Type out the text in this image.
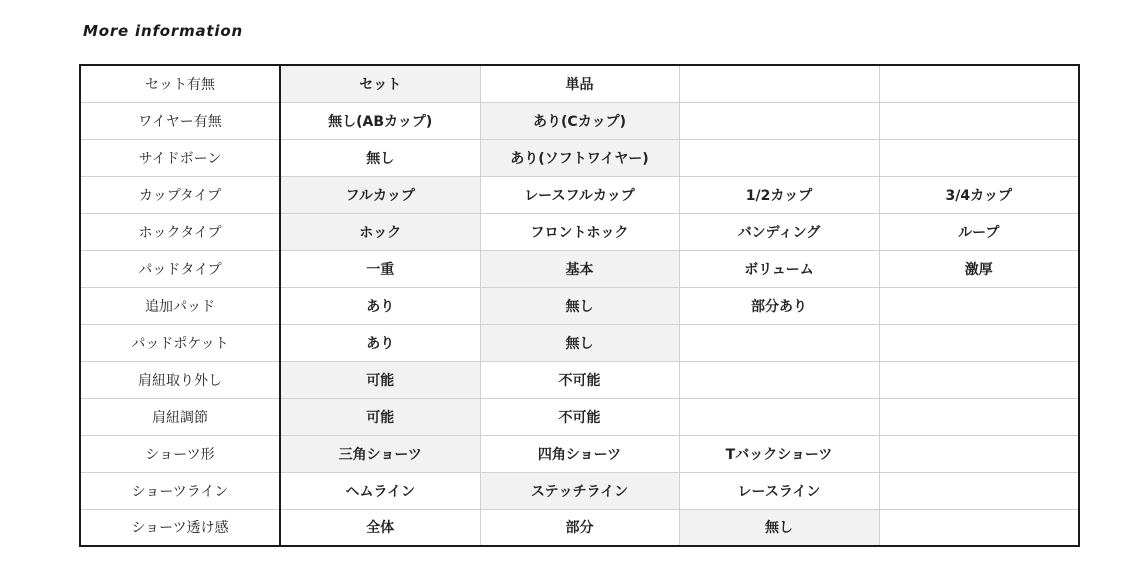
More information
セット有無	セット	単品		
ワイヤー有無	無し(ABカップ)	あり(Cカップ)		
サイドボーン	無し	あり(ソフトワイヤー)		
カップタイプ	フルカップ	レースフルカップ	1/2カップ	3/4カップ
ホックタイプ	ホック	フロントホック	バンディング	ループ
パッドタイプ	一重	基本	ボリューム	激厚
追加パッド	あり	無し	部分あり	
パッドポケット	あり	無し		
肩紐取り外し	可能	不可能		
肩紐調節	可能	不可能		
ショーツ形	三角ショーツ	四角ショーツ	Tバックショーツ	
ショーツライン	ヘムライン	ステッチライン	レースライン	
ショーツ透け感	全体	部分	無し	
